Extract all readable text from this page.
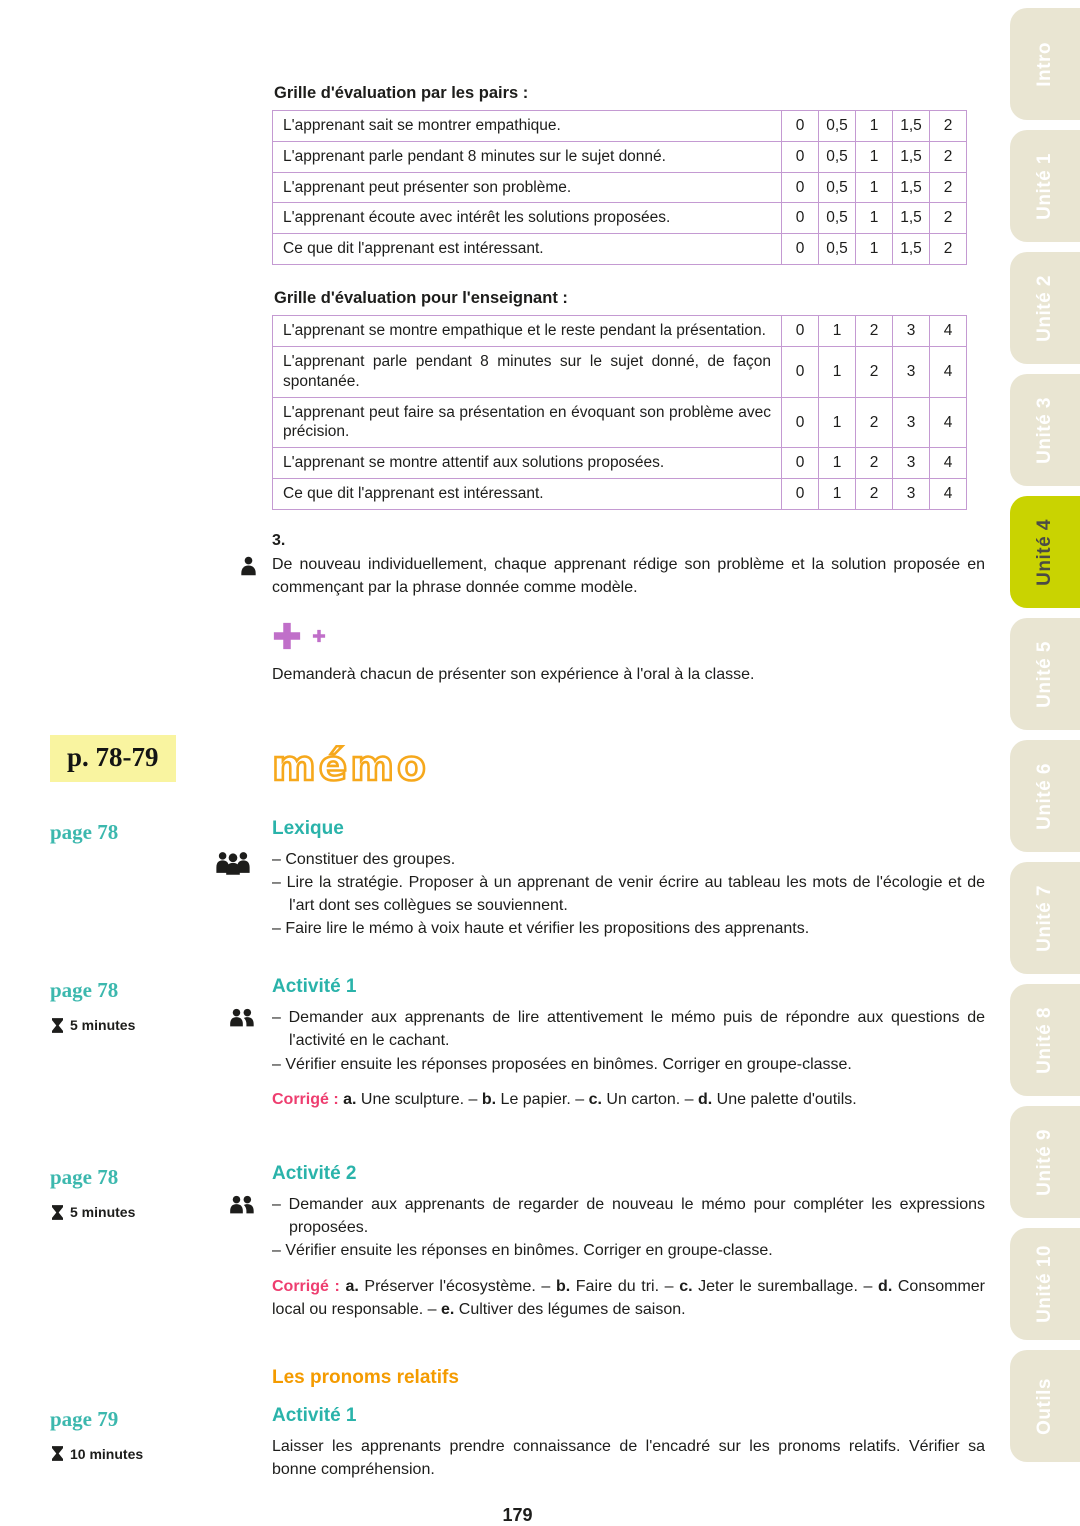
Grille d'évaluation par les pairs :

L'apprenant sait se montrer empathique.	0	0,5	1	1,5	2
L'apprenant parle pendant 8 minutes sur le sujet donné.	0	0,5	1	1,5	2
L'apprenant peut présenter son problème.	0	0,5	1	1,5	2
L'apprenant écoute avec intérêt les solutions proposées.	0	0,5	1	1,5	2
Ce que dit l'apprenant est intéressant.	0	0,5	1	1,5	2

Grille d'évaluation pour l'enseignant :

L'apprenant se montre empathique et le reste pendant la présentation.	0	1	2	3	4
L'apprenant parle pendant 8 minutes sur le sujet donné, de façon spontanée.	0	1	2	3	4
L'apprenant peut faire sa présentation en évoquant son problème avec précision.	0	1	2	3	4
L'apprenant se montre attentif aux solutions proposées.	0	1	2	3	4
Ce que dit l'apprenant est intéressant.	0	1	2	3	4

3.

De nouveau individuellement, chaque apprenant rédige son problème et la solution proposée en commençant par la phrase donnée comme modèle.

Demanderà chacun de présenter son expérience à l'oral à la classe.

p. 78-79	mémo

page 78	Lexique

– Constituer des groupes.

– Lire la stratégie. Proposer à un apprenant de venir écrire au tableau les mots de l'écologie et de l'art dont ses collègues se souviennent.

– Faire lire le mémo à voix haute et vérifier les propositions des apprenants.

page 78

5 minutes

Activité 1

– Demander aux apprenants de lire attentivement le mémo puis de répondre aux questions de l'activité en le cachant.

– Vérifier ensuite les réponses proposées en binômes. Corriger en groupe-classe.

Corrigé : a. Une sculpture. – b. Le papier. – c. Un carton. – d. Une palette d'outils.

page 78

5 minutes

Activité 2

– Demander aux apprenants de regarder de nouveau le mémo pour compléter les expressions proposées.

– Vérifier ensuite les réponses en binômes. Corriger en groupe-classe.

Corrigé : a. Préserver l'écosystème. – b. Faire du tri. – c. Jeter le suremballage. – d. Consommer local ou responsable. – e. Cultiver des légumes de saison.

Les pronoms relatifs

page 79

10 minutes

Activité 1

Laisser les apprenants prendre connaissance de l'encadré sur les pronoms relatifs. Vérifier sa bonne compréhension.

179

Intro
Unité 1
Unité 2
Unité 3
Unité 4
Unité 5
Unité 6
Unité 7
Unité 8
Unité 9
Unité 10
Outils
